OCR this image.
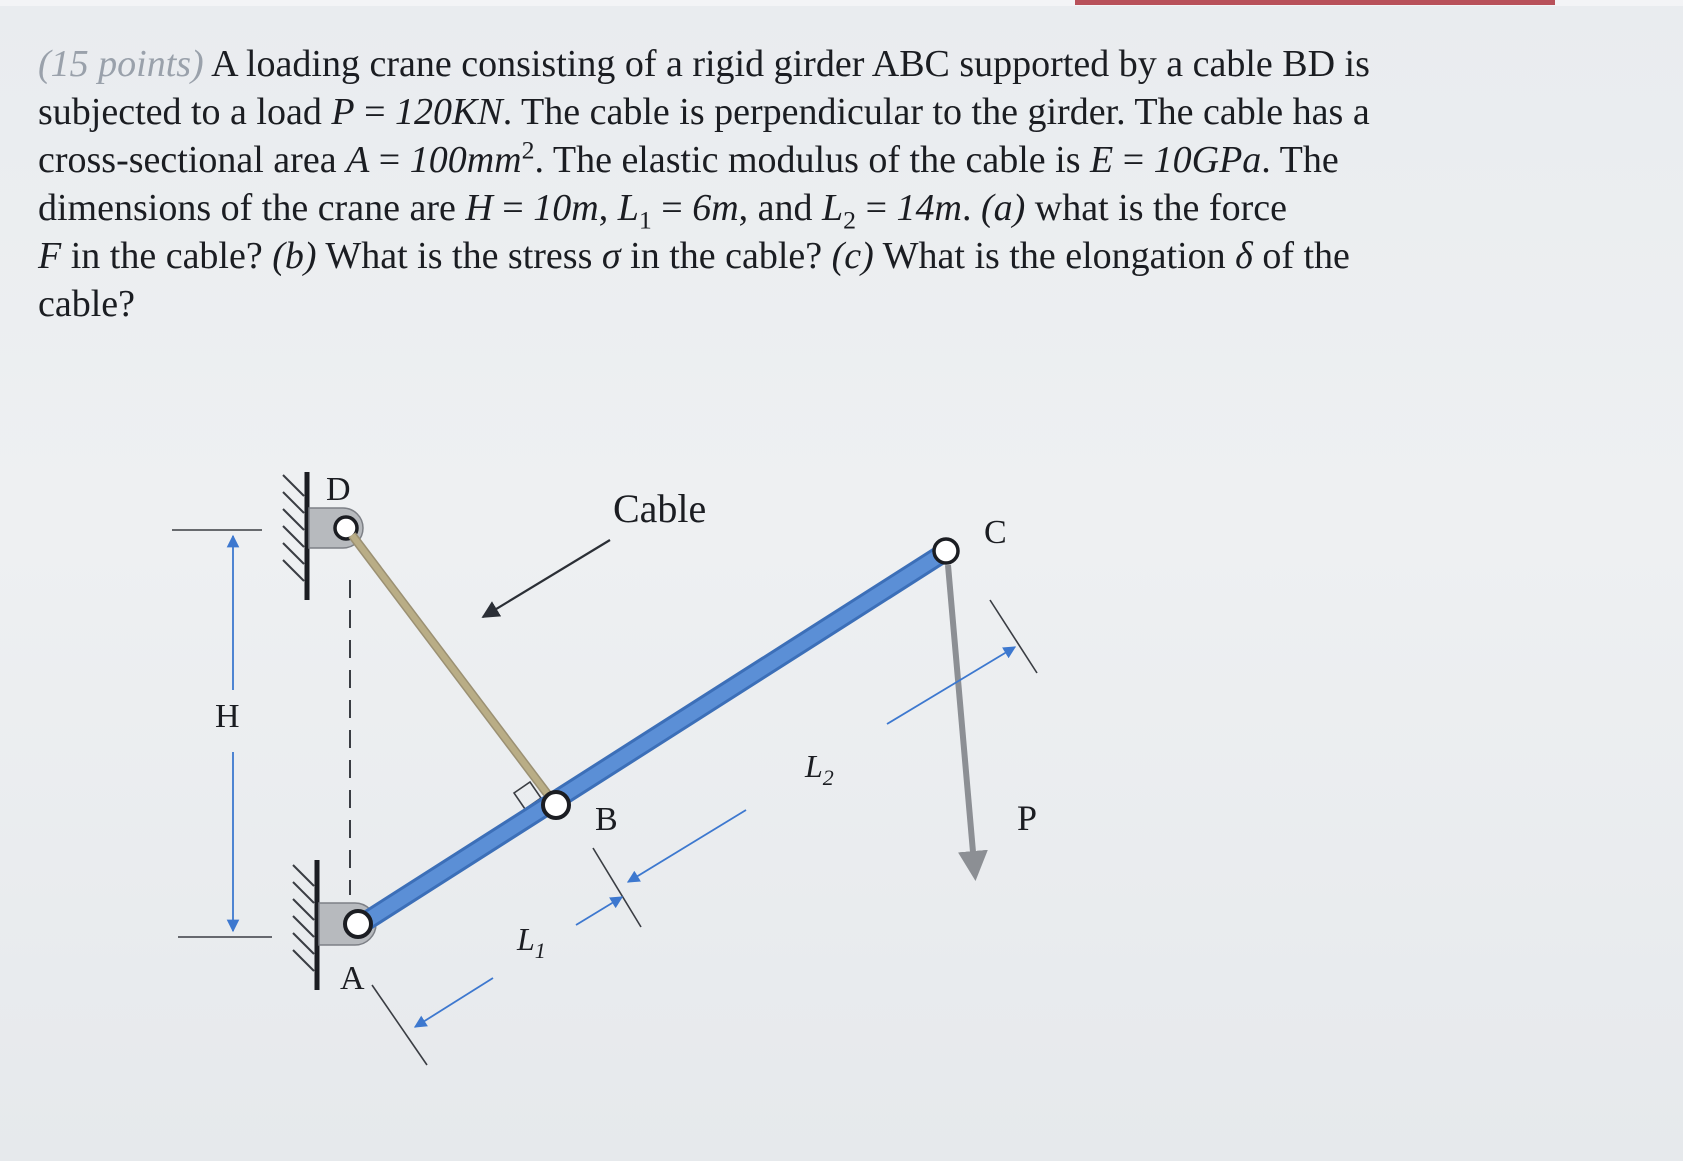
(15 points) A loading crane consisting of a rigid girder ABC supported by a cable BD is
subjected to a load P = 120KN. The cable is perpendicular to the girder. The cable has a
cross-sectional area $A = 100mm^2$. The elastic modulus of the cable is E = 10GPa. The
dimensions of the crane are H = 10m, $L_1 = 6m$, and $L_2 = 14m$. (a) what is the force
F in the cable? (b) What is the stress σ in the cable? (c) What is the elongation δ of the
cable?
D	Cable
C
H
$L_2$
B	P
$L_1$
A
